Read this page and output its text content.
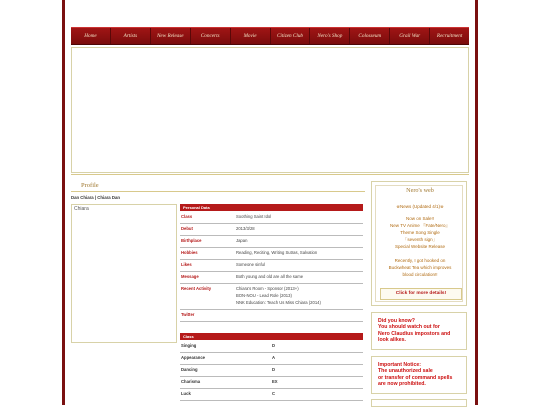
Home	Artists	New Release	Concerts	Movie	Citizen Club	Nero's Shop	Colosseum	Grail War	Recruitment
Profile
Dan Chiara | Chiara Dan
Chiara	Personal Data
Class	Soothing Saint Idol
Debut	2013/3/28
Birthplace	Japan
Hobbies	Reading, Reciting, Writing Sutras, Salvation
Likes	Someone sinful
Message	Both young and old are all the same
Recent Activity	Chiara's Room - Sponsor (2013+)
BON-NOU - Lead Role (2013)
NNK Education: Teach Us Miss Chiara (2014)
Twitter
Class
Singing	D
Appearance	A
Dancing	D
Charisma	EX
Luck	C
Nero's web

※News (Updated 4/1)※

Now on Sale!!

New TV Anime 『Fate/Nero』

Theme Song Single

「seventh sign」

Special Website Release

Recently, I got hooked on

Buckwheat Tea which improves

blood circulation!!

Click for more details!
Did you know?
You should watch out for
Nero Claudius impostors and
look alikes.
Important Notice:
The unauthorized sale
or transfer of command spells
are now prohibited.
